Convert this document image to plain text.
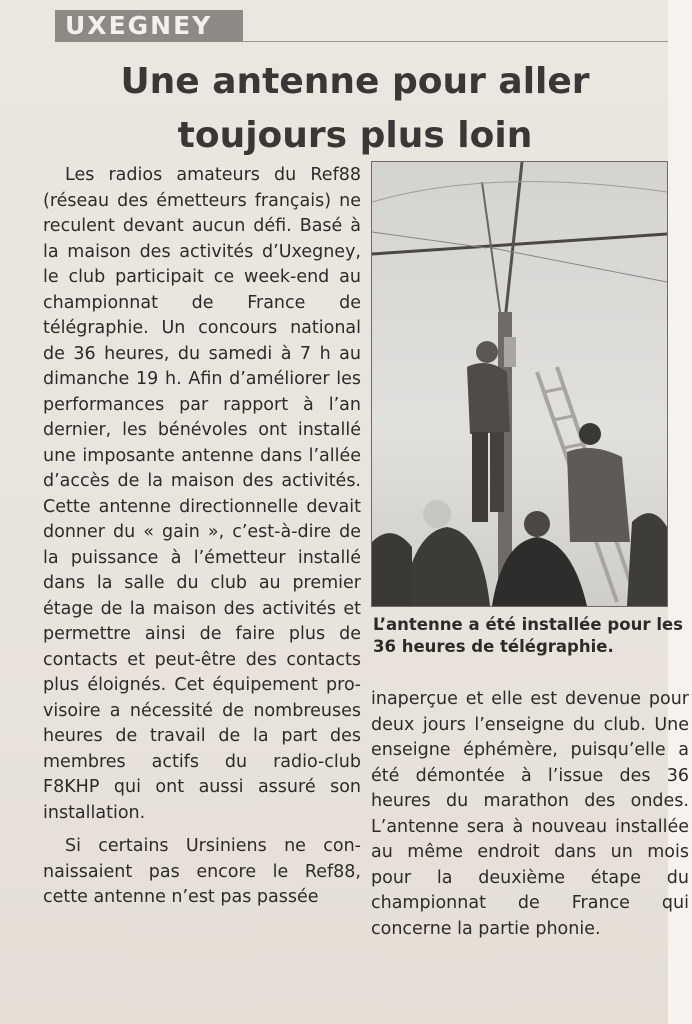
UXEGNEY
Une antenne pour aller toujours plus loin

Les radios amateurs du Ref88 (réseau des émetteurs français) ne reculent devant aucun défi. Basé à la maison des activités d’Uxegney, le club participait ce week-end au championnat de France de télégraphie. Un concours national de 36 heures, du samedi à 7 h au dimanche 19 h. Afin d’améliorer les performances par rapport à l’an dernier, les bénévoles ont installé une imposante antenne dans l’allée d’accès de la maison des activités. Cette antenne directionnelle devait donner du « gain », c’est-à-dire de la puissance à l’émetteur installé dans la salle du club au premier étage de la maison des activités et permettre ainsi de faire plus de contacts et peut-être des contacts plus éloignés. Cet équipement provisoire a nécessité de nombreuses heures de travail de la part des membres actifs du radio-club F8KHP qui ont aussi assuré son installation.

Si certains Ursiniens ne connaissaient pas encore le Ref88, cette antenne n’est pas passée

L’antenne a été installée pour les 36 heures de télégraphie.

inaperçue et elle est devenue pour deux jours l’enseigne du club. Une enseigne éphémère, puisqu’elle a été démontée à l’issue des 36 heures du marathon des ondes. L’antenne sera à nouveau installée au même endroit dans un mois pour la deuxième étape du championnat de France qui concerne la partie phonie.
